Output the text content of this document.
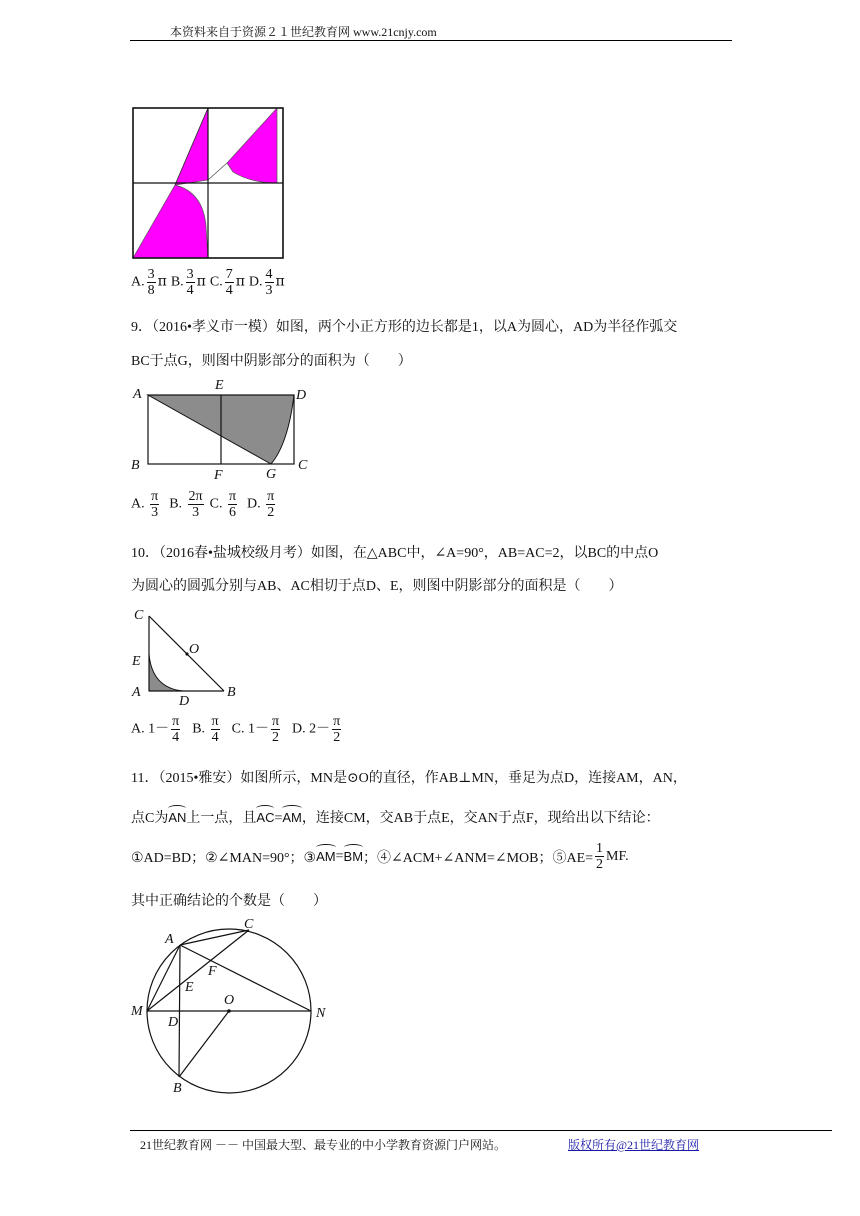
本资料来自于资源２１世纪教育网 www.21cnjy.com
A. $\frac{3}{8}$ π B. $\frac{3}{4}$ π C. $\frac{7}{4}$ π D. $\frac{4}{3}$ π
9．（2016•孝义市一模）如图，两个小正方形的边长都是1，以A为圆心，AD为半径作弧交
BC于点G，则图中阴影部分的面积为（　　）
A
E
D
B
F	G
C
A. $\frac{\pi}{3} B$. $\frac{2\pi}{3} C$. $\frac{\pi}{6} D$. $\frac{\pi}{2}$
10．（2016春•盐城校级月考）如图，在△ABC中，∠A=90°，AB=AC=2，以BC的中点O
为圆心的圆弧分别与AB、AC相切于点D、E，则图中阴影部分的面积是（　　）
C
O
E
A
D
B
A. $1- \frac{\pi}{4} B$. $\frac{\pi}{4} C$. $1- \frac{\pi}{2} D$. $2- \frac{\pi}{2}$
11．（2015•雅安）如图所示，MN是⊙O的直径，作AB⊥MN，垂足为点D，连接AM，AN，
点C为AN上一点，且AC=AM，连接CM，交AB于点E，交AN于点F，现给出以下结论：
①AD=BD；②∠MAN=90°；③ AM = BM ；④∠ACM+∠ANM=∠MOB；⑤AE= $\frac{1}{2}$ MF.
其中正确结论的个数是（　　）
A
C
F
E
M
D
O
N
B
21世纪教育网 －－ 中国最大型、最专业的中小学教育资源门户网站。	版权所有@21世纪教育网
